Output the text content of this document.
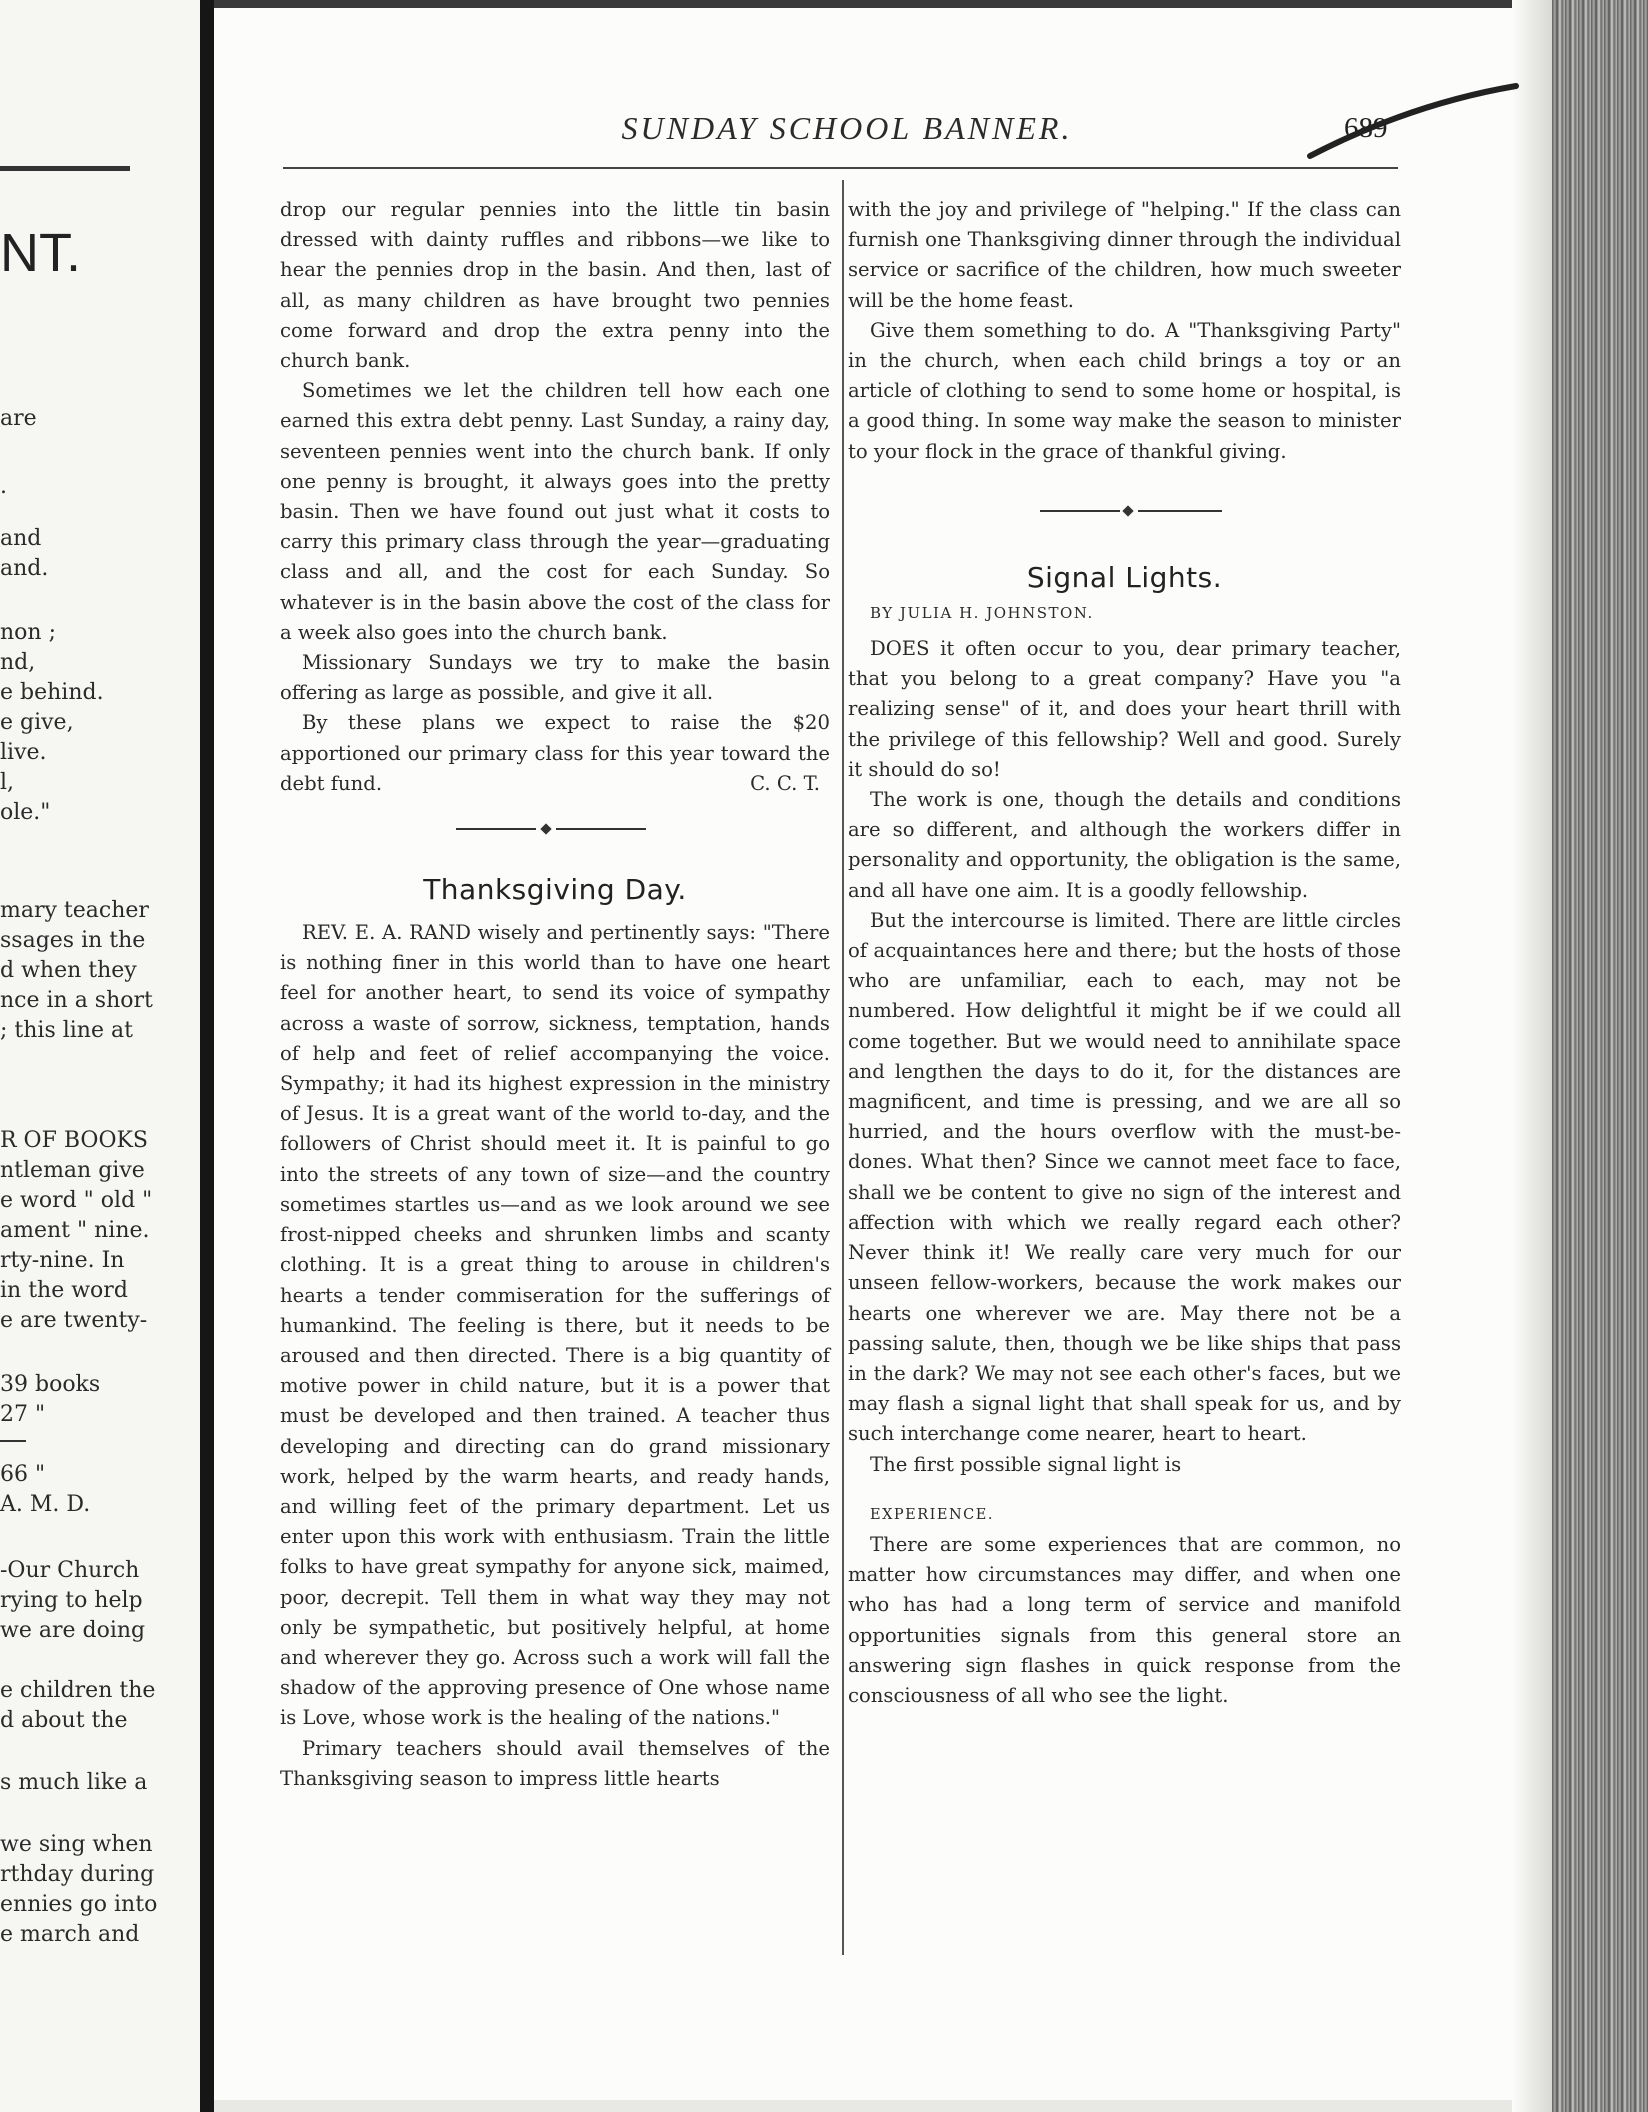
NT.
are
.
and
and.
non ;
nd,
e behind.
e give,
live.
l,
ole."
mary teacher
ssages in the
d when they
nce in a short
; this line at
R OF BOOKS
ntleman give
e word " old "
ament " nine.
rty-nine. In
in the word
e are twenty-
39 books
27 "
66 "
A. M. D.
-Our Church
rying to help
we are doing
e children the
d about the
s much like a
we sing when
rthday during
ennies go into
e march and
SUNDAY SCHOOL BANNER.	689

drop our regular pennies into the little tin basin dressed with dainty ruffles and ribbons—we like to hear the pennies drop in the basin. And then, last of all, as many children as have brought two pennies come forward and drop the extra penny into the church bank.

Sometimes we let the children tell how each one earned this extra debt penny. Last Sunday, a rainy day, seventeen pennies went into the church bank. If only one penny is brought, it always goes into the pretty basin. Then we have found out just what it costs to carry this primary class through the year—graduating class and all, and the cost for each Sunday. So whatever is in the basin above the cost of the class for a week also goes into the church bank.

Missionary Sundays we try to make the basin offering as large as possible, and give it all.

By these plans we expect to raise the $20 apportioned our primary class for this year toward the debt fund.	C. C. T.

Thanksgiving Day.

REV. E. A. RAND wisely and pertinently says: "There is nothing finer in this world than to have one heart feel for another heart, to send its voice of sympathy across a waste of sorrow, sickness, temptation, hands of help and feet of relief accompanying the voice. Sympathy; it had its highest expression in the ministry of Jesus. It is a great want of the world to-day, and the followers of Christ should meet it. It is painful to go into the streets of any town of size—and the country sometimes startles us—and as we look around we see frost-nipped cheeks and shrunken limbs and scanty clothing. It is a great thing to arouse in children's hearts a tender commiseration for the sufferings of humankind. The feeling is there, but it needs to be aroused and then directed. There is a big quantity of motive power in child nature, but it is a power that must be developed and then trained. A teacher thus developing and directing can do grand missionary work, helped by the warm hearts, and ready hands, and willing feet of the primary department. Let us enter upon this work with enthusiasm. Train the little folks to have great sympathy for anyone sick, maimed, poor, decrepit. Tell them in what way they may not only be sympathetic, but positively helpful, at home and wherever they go. Across such a work will fall the shadow of the approving presence of One whose name is Love, whose work is the healing of the nations."

Primary teachers should avail themselves of the Thanksgiving season to impress little hearts

with the joy and privilege of "helping." If the class can furnish one Thanksgiving dinner through the individual service or sacrifice of the children, how much sweeter will be the home feast.

Give them something to do. A "Thanksgiving Party" in the church, when each child brings a toy or an article of clothing to send to some home or hospital, is a good thing. In some way make the season to minister to your flock in the grace of thankful giving.

Signal Lights.

BY JULIA H. JOHNSTON.

DOES it often occur to you, dear primary teacher, that you belong to a great company? Have you "a realizing sense" of it, and does your heart thrill with the privilege of this fellowship? Well and good. Surely it should do so!

The work is one, though the details and conditions are so different, and although the workers differ in personality and opportunity, the obligation is the same, and all have one aim. It is a goodly fellowship.

But the intercourse is limited. There are little circles of acquaintances here and there; but the hosts of those who are unfamiliar, each to each, may not be numbered. How delightful it might be if we could all come together. But we would need to annihilate space and lengthen the days to do it, for the distances are magnificent, and time is pressing, and we are all so hurried, and the hours overflow with the must-be-dones. What then? Since we cannot meet face to face, shall we be content to give no sign of the interest and affection with which we really regard each other? Never think it! We really care very much for our unseen fellow-workers, because the work makes our hearts one wherever we are. May there not be a passing salute, then, though we be like ships that pass in the dark? We may not see each other's faces, but we may flash a signal light that shall speak for us, and by such interchange come nearer, heart to heart.

The first possible signal light is

EXPERIENCE.

There are some experiences that are common, no matter how circumstances may differ, and when one who has had a long term of service and manifold opportunities signals from this general store an answering sign flashes in quick response from the consciousness of all who see the light.
